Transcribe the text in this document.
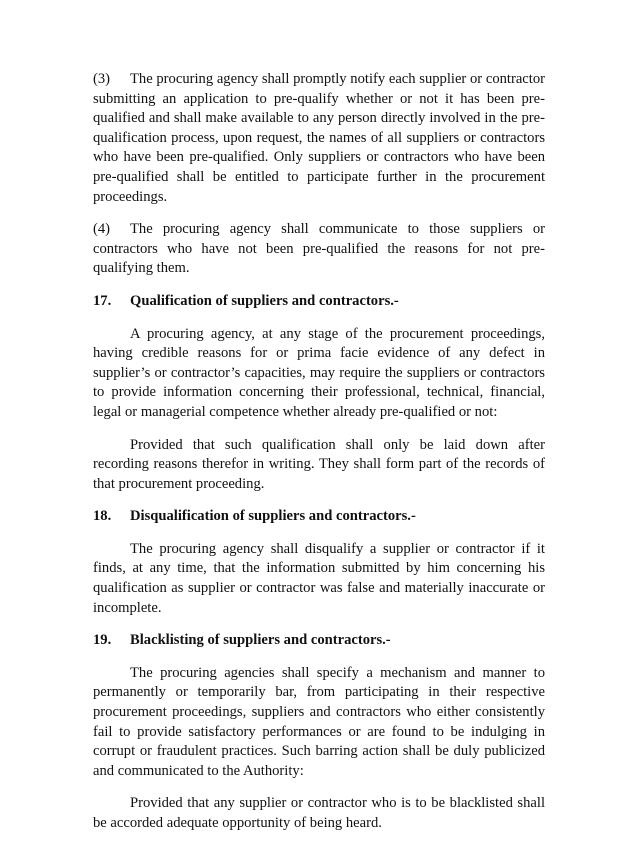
(3) The procuring agency shall promptly notify each supplier or contractor submitting an application to pre-qualify whether or not it has been pre-qualified and shall make available to any person directly involved in the pre-qualification process, upon request, the names of all suppliers or contractors who have been pre-qualified. Only suppliers or contractors who have been pre-qualified shall be entitled to participate further in the procurement proceedings.

(4) The procuring agency shall communicate to those suppliers or contractors who have not been pre-qualified the reasons for not pre-qualifying them.

17. Qualification of suppliers and contractors.-

A procuring agency, at any stage of the procurement proceedings, having credible reasons for or prima facie evidence of any defect in supplier’s or contractor’s capacities, may require the suppliers or contractors to provide information concerning their professional, technical, financial, legal or managerial competence whether already pre-qualified or not:

Provided that such qualification shall only be laid down after recording reasons therefor in writing. They shall form part of the records of that procurement proceeding.

18. Disqualification of suppliers and contractors.-

The procuring agency shall disqualify a supplier or contractor if it finds, at any time, that the information submitted by him concerning his qualification as supplier or contractor was false and materially inaccurate or incomplete.

19. Blacklisting of suppliers and contractors.-

The procuring agencies shall specify a mechanism and manner to permanently or temporarily bar, from participating in their respective procurement proceedings, suppliers and contractors who either consistently fail to provide satisfactory performances or are found to be indulging in corrupt or fraudulent practices. Such barring action shall be duly publicized and communicated to the Authority:

Provided that any supplier or contractor who is to be blacklisted shall be accorded adequate opportunity of being heard.
